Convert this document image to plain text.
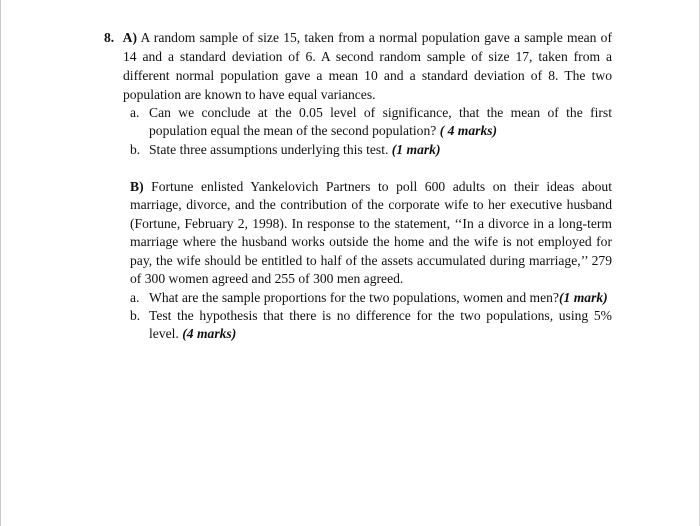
8. A) A random sample of size 15, taken from a normal population gave a sample mean of
14 and a standard deviation of 6. A second random sample of size 17, taken from a
different normal population gave a mean 10 and a standard deviation of 8. The two
population are known to have equal variances.
a. Can we conclude at the 0.05 level of significance, that the mean of the first
population equal the mean of the second population? ( 4 marks)
b. State three assumptions underlying this test. (1 mark)
B) Fortune enlisted Yankelovich Partners to poll 600 adults on their ideas about
marriage, divorce, and the contribution of the corporate wife to her executive husband
(Fortune, February 2, 1998). In response to the statement, ‘‘In a divorce in a long-term
marriage where the husband works outside the home and the wife is not employed for
pay, the wife should be entitled to half of the assets accumulated during marriage,’’ 279
of 300 women agreed and 255 of 300 men agreed.
a. What are the sample proportions for the two populations, women and men?(1 mark)
b. Test the hypothesis that there is no difference for the two populations, using 5%
level. (4 marks)
